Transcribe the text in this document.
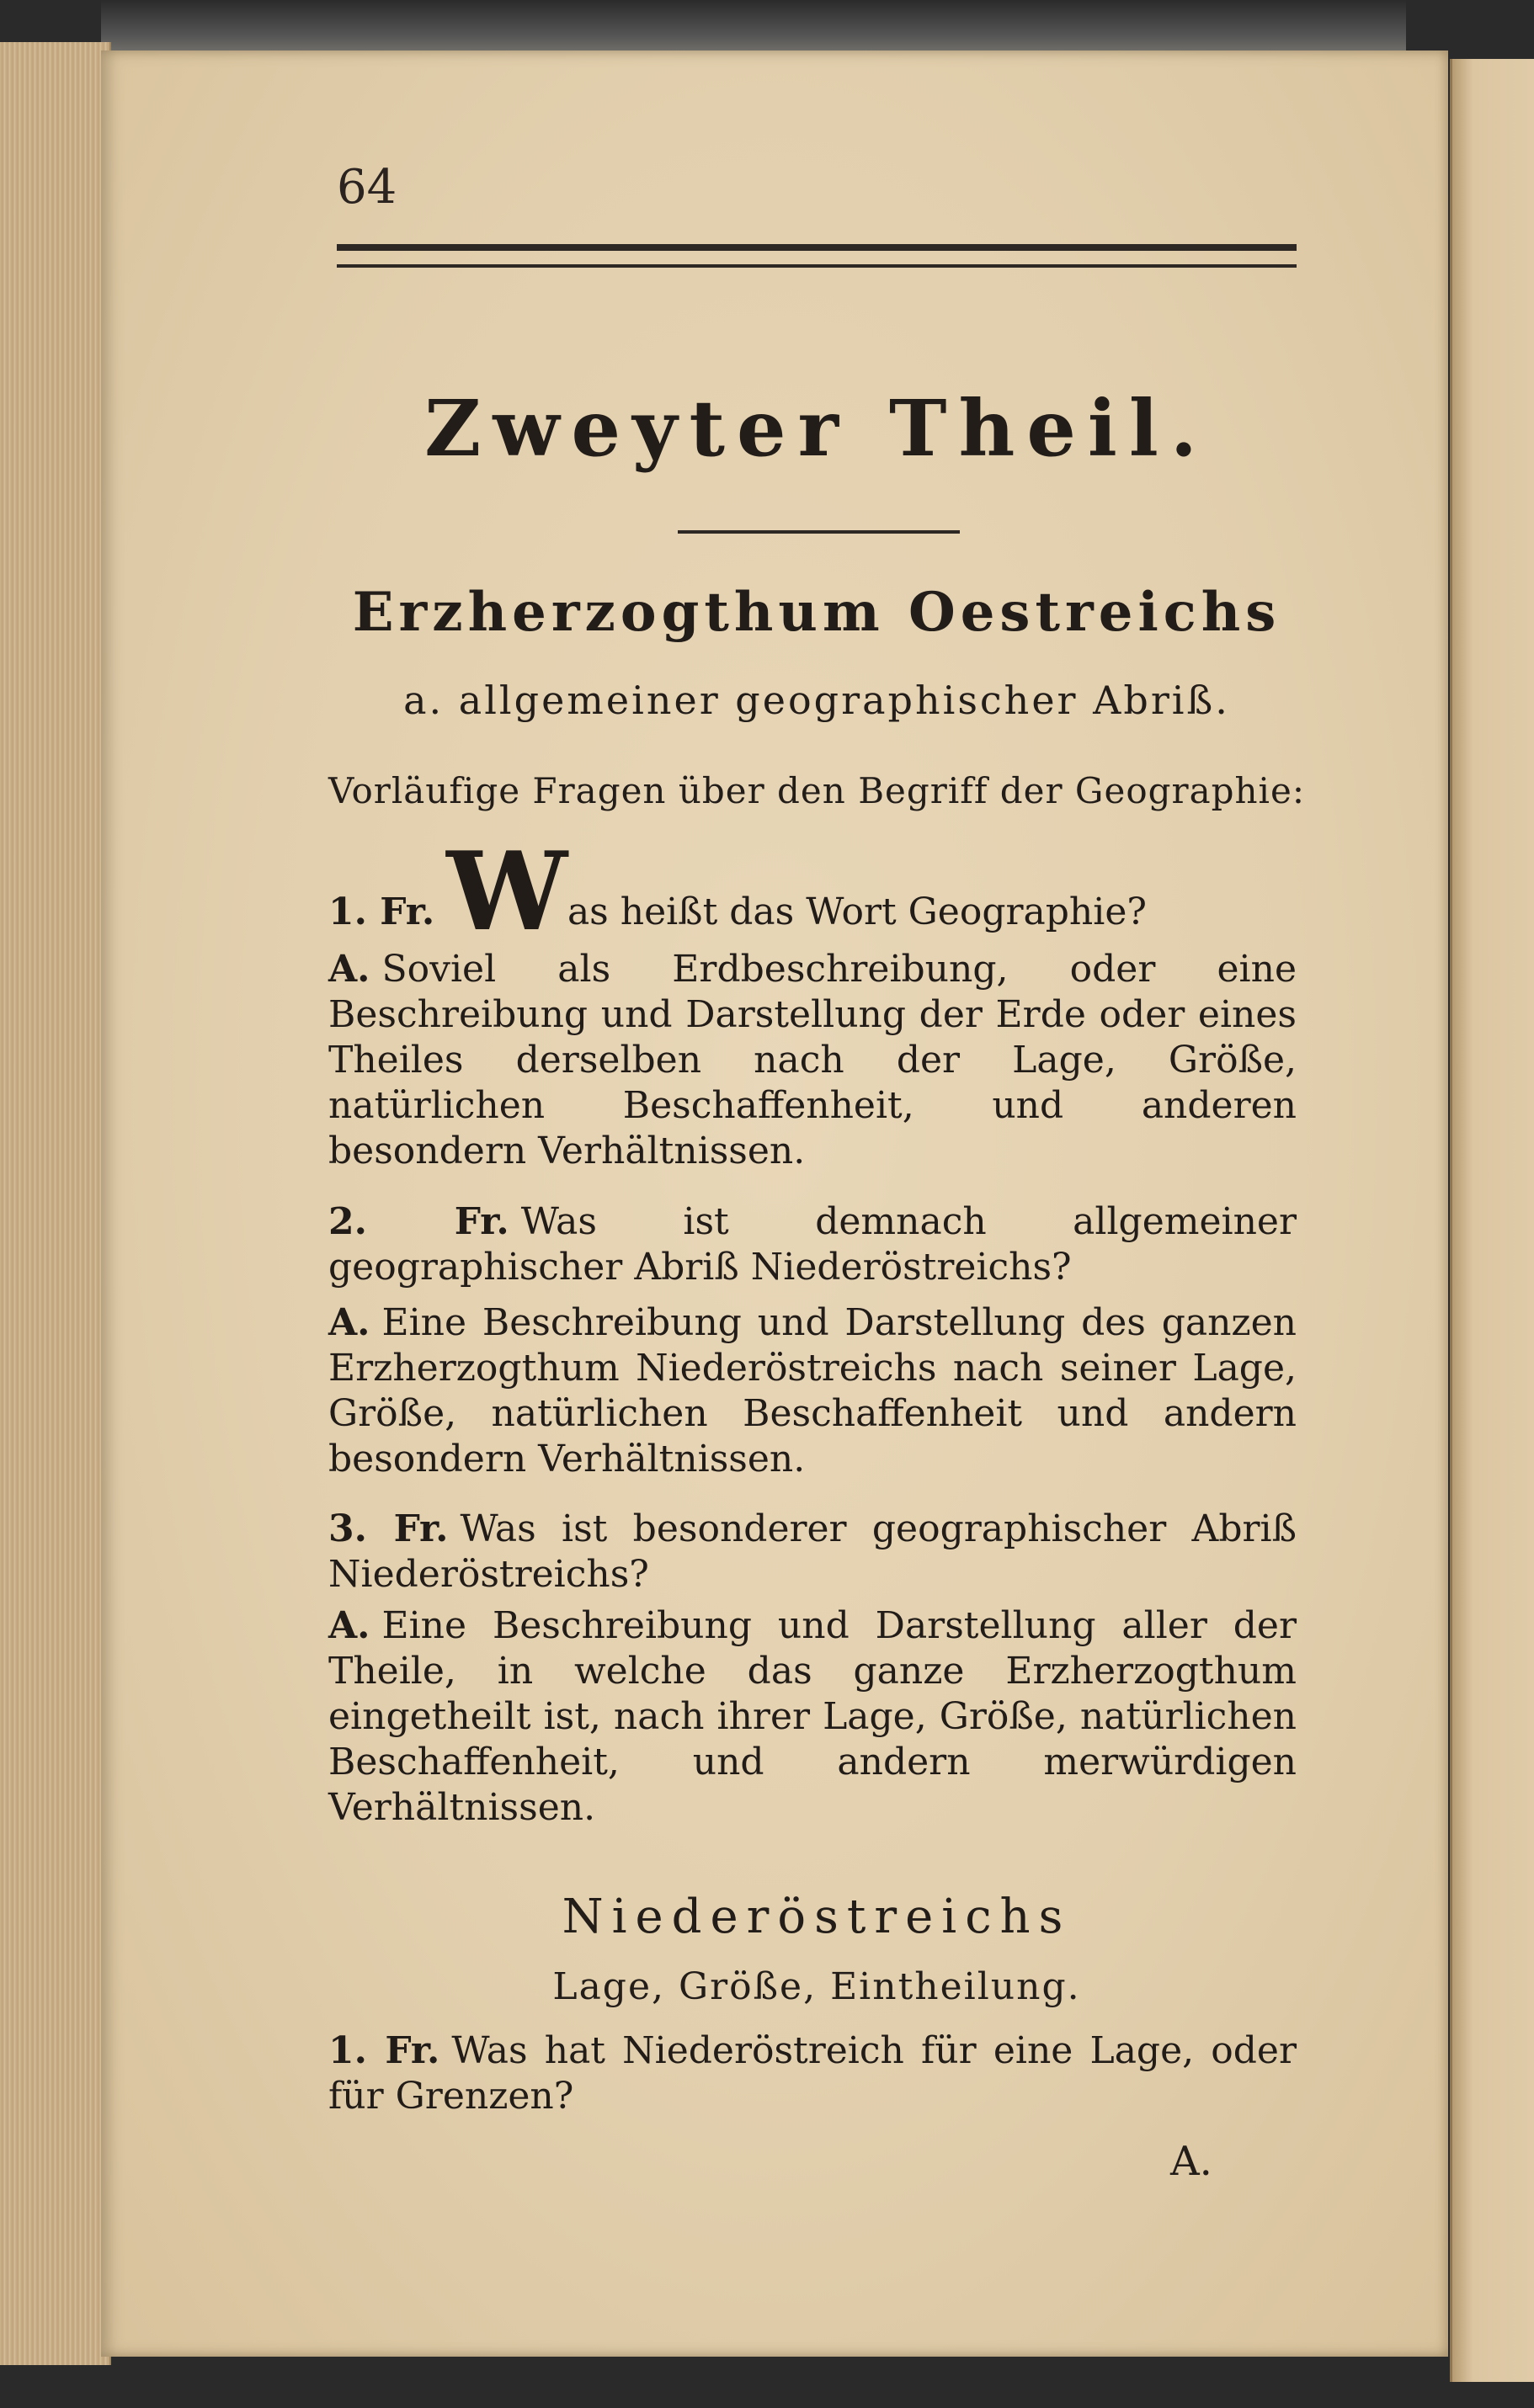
64
Zweyter Theil.
Erzherzogthum Oestreichs
a. allgemeiner geographischer Abriß.
Vorläufige Fragen über den Begriff der Geographie:
1. Fr. Was heißt das Wort Geographie?
A. Soviel als Erdbeschreibung, oder eine Beschreibung und Darstellung der Erde oder eines Theiles derselben nach der Lage, Größe, natürlichen Beschaffenheit, und anderen besondern Verhältnissen.
2. Fr. Was ist demnach allgemeiner geographischer Abriß Niederöstreichs?
A. Eine Beschreibung und Darstellung des ganzen Erzherzogthum Niederöstreichs nach seiner Lage, Größe, natürlichen Beschaffenheit und andern besondern Verhältnissen.
3. Fr. Was ist besonderer geographischer Abriß Niederöstreichs?
A. Eine Beschreibung und Darstellung aller der Theile, in welche das ganze Erzherzogthum eingetheilt ist, nach ihrer Lage, Größe, natürlichen Beschaffenheit, und andern merwürdigen Verhältnissen.
Niederöstreichs
Lage, Größe, Eintheilung.
1. Fr. Was hat Niederöstreich für eine Lage, oder für Grenzen?
A.
